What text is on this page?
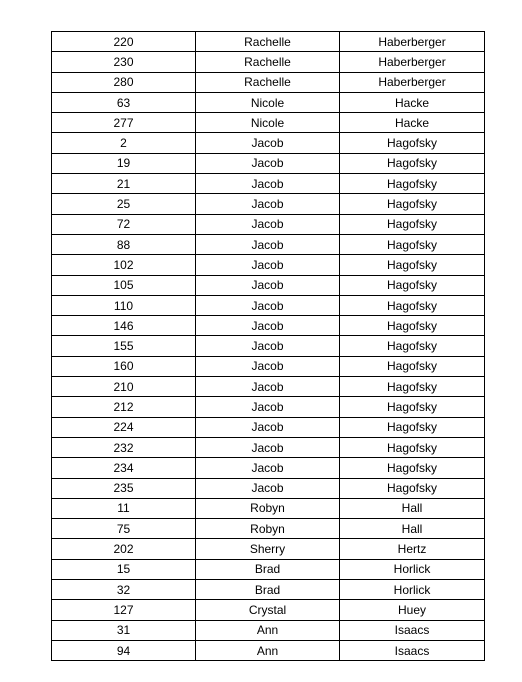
220	Rachelle	Haberberger
230	Rachelle	Haberberger
280	Rachelle	Haberberger
63	Nicole	Hacke
277	Nicole	Hacke
2	Jacob	Hagofsky
19	Jacob	Hagofsky
21	Jacob	Hagofsky
25	Jacob	Hagofsky
72	Jacob	Hagofsky
88	Jacob	Hagofsky
102	Jacob	Hagofsky
105	Jacob	Hagofsky
110	Jacob	Hagofsky
146	Jacob	Hagofsky
155	Jacob	Hagofsky
160	Jacob	Hagofsky
210	Jacob	Hagofsky
212	Jacob	Hagofsky
224	Jacob	Hagofsky
232	Jacob	Hagofsky
234	Jacob	Hagofsky
235	Jacob	Hagofsky
11	Robyn	Hall
75	Robyn	Hall
202	Sherry	Hertz
15	Brad	Horlick
32	Brad	Horlick
127	Crystal	Huey
31	Ann	Isaacs
94	Ann	Isaacs
